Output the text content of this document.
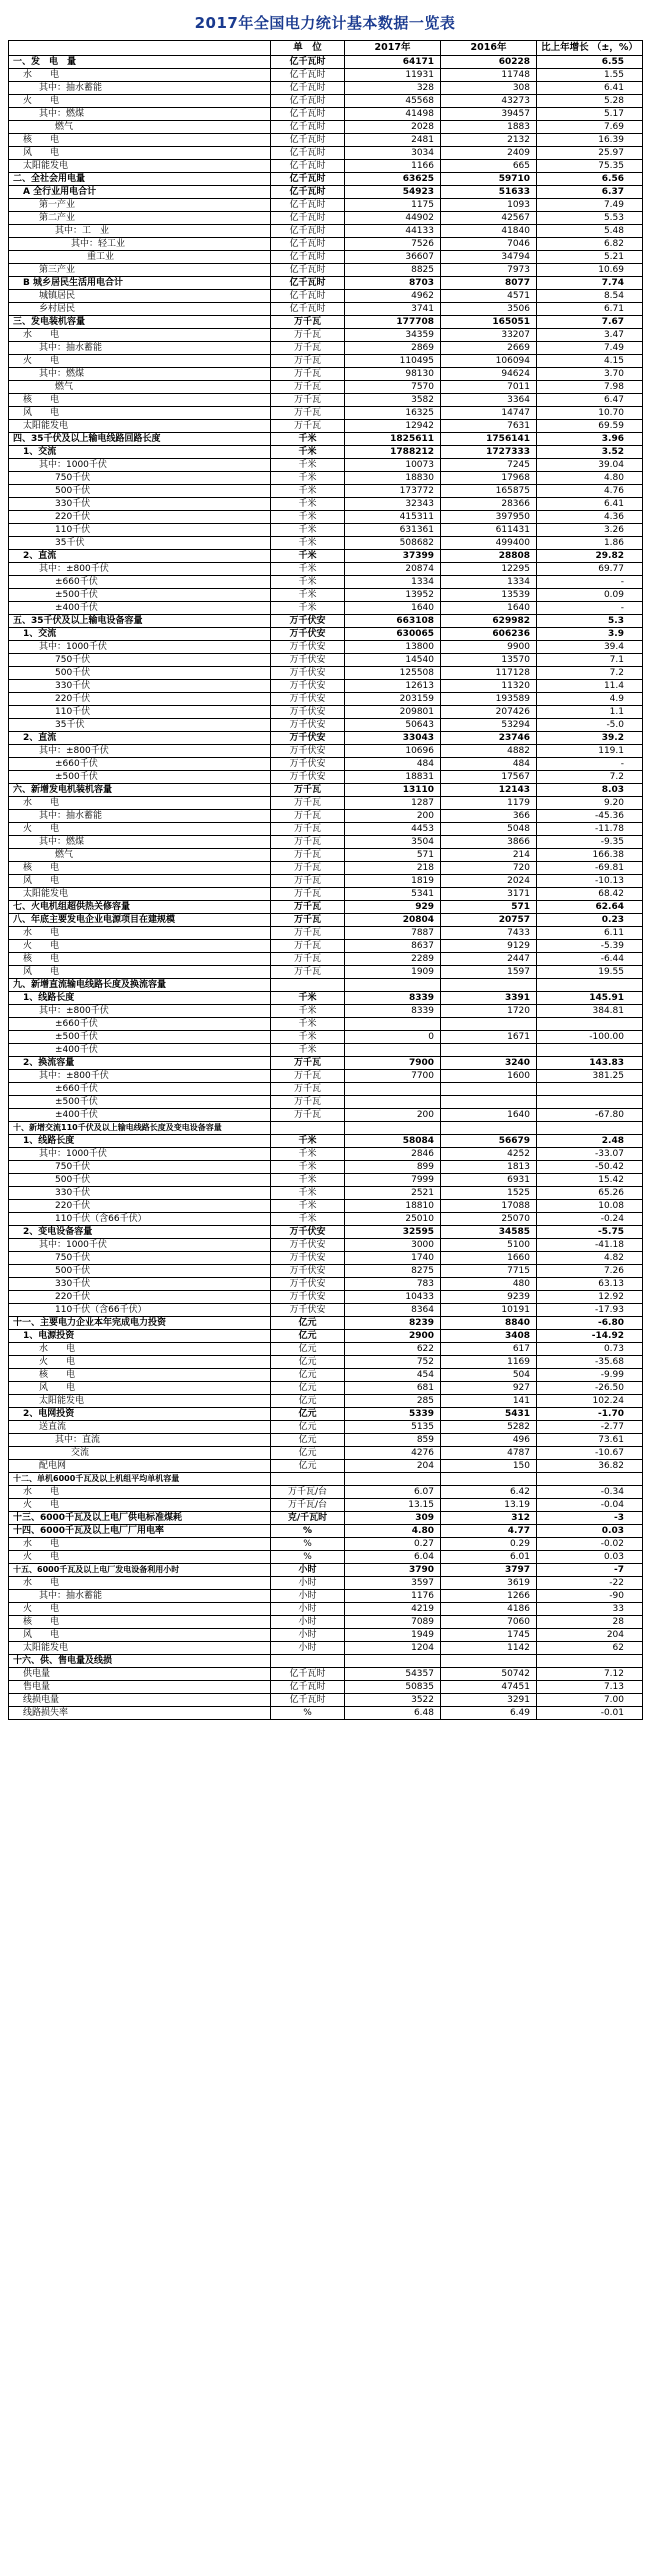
2017年全国电力统计基本数据一览表
	单　位	2017年	2016年	比上年增长 （±，%）
一、发　电　量	亿千瓦时	64171	60228	6.55
水　　电	亿千瓦时	11931	11748	1.55
其中：抽水蓄能	亿千瓦时	328	308	6.41
火　　电	亿千瓦时	45568	43273	5.28
其中：燃煤	亿千瓦时	41498	39457	5.17
燃气	亿千瓦时	2028	1883	7.69
核　　电	亿千瓦时	2481	2132	16.39
风　　电	亿千瓦时	3034	2409	25.97
太阳能发电	亿千瓦时	1166	665	75.35
二、全社会用电量	亿千瓦时	63625	59710	6.56
A 全行业用电合计	亿千瓦时	54923	51633	6.37
第一产业	亿千瓦时	1175	1093	7.49
第二产业	亿千瓦时	44902	42567	5.53
其中：工　业	亿千瓦时	44133	41840	5.48
其中：轻工业	亿千瓦时	7526	7046	6.82
重工业	亿千瓦时	36607	34794	5.21
第三产业	亿千瓦时	8825	7973	10.69
B 城乡居民生活用电合计	亿千瓦时	8703	8077	7.74
城镇居民	亿千瓦时	4962	4571	8.54
乡村居民	亿千瓦时	3741	3506	6.71
三、发电装机容量	万千瓦	177708	165051	7.67
水　　电	万千瓦	34359	33207	3.47
其中：抽水蓄能	万千瓦	2869	2669	7.49
火　　电	万千瓦	110495	106094	4.15
其中：燃煤	万千瓦	98130	94624	3.70
燃气	万千瓦	7570	7011	7.98
核　　电	万千瓦	3582	3364	6.47
风　　电	万千瓦	16325	14747	10.70
太阳能发电	万千瓦	12942	7631	69.59
四、35千伏及以上输电线路回路长度	千米	1825611	1756141	3.96
1、交流	千米	1788212	1727333	3.52
其中：1000千伏	千米	10073	7245	39.04
750千伏	千米	18830	17968	4.80
500千伏	千米	173772	165875	4.76
330千伏	千米	32343	28366	6.41
220千伏	千米	415311	397950	4.36
110千伏	千米	631361	611431	3.26
35千伏	千米	508682	499400	1.86
2、直流	千米	37399	28808	29.82
其中：±800千伏	千米	20874	12295	69.77
±660千伏	千米	1334	1334	-
±500千伏	千米	13952	13539	0.09
±400千伏	千米	1640	1640	-
五、35千伏及以上输电设备容量	万千伏安	663108	629982	5.3
1、交流	万千伏安	630065	606236	3.9
其中：1000千伏	万千伏安	13800	9900	39.4
750千伏	万千伏安	14540	13570	7.1
500千伏	万千伏安	125508	117128	7.2
330千伏	万千伏安	12613	11320	11.4
220千伏	万千伏安	203159	193589	4.9
110千伏	万千伏安	209801	207426	1.1
35千伏	万千伏安	50643	53294	-5.0
2、直流	万千伏安	33043	23746	39.2
其中：±800千伏	万千伏安	10696	4882	119.1
±660千伏	万千伏安	484	484	-
±500千伏	万千伏安	18831	17567	7.2
六、新增发电机装机容量	万千瓦	13110	12143	8.03
水　　电	万千瓦	1287	1179	9.20
其中：抽水蓄能	万千瓦	200	366	-45.36
火　　电	万千瓦	4453	5048	-11.78
其中：燃煤	万千瓦	3504	3866	-9.35
燃气	万千瓦	571	214	166.38
核　　电	万千瓦	218	720	-69.81
风　　电	万千瓦	1819	2024	-10.13
太阳能发电	万千瓦	5341	3171	68.42
七、火电机组超供热关修容量	万千瓦	929	571	62.64
八、年底主要发电企业电源项目在建规模	万千瓦	20804	20757	0.23
水　　电	万千瓦	7887	7433	6.11
火　　电	万千瓦	8637	9129	-5.39
核　　电	万千瓦	2289	2447	-6.44
风　　电	万千瓦	1909	1597	19.55
九、新增直流输电线路长度及换流容量				
1、线路长度	千米	8339	3391	145.91
其中：±800千伏	千米	8339	1720	384.81
±660千伏	千米			
±500千伏	千米	0	1671	-100.00
±400千伏	千米			
2、换流容量	万千瓦	7900	3240	143.83
其中：±800千伏	万千瓦	7700	1600	381.25
±660千伏	万千瓦			
±500千伏	万千瓦			
±400千伏	万千瓦	200	1640	-67.80
十、新增交流110千伏及以上输电线路长度及变电设备容量				
1、线路长度	千米	58084	56679	2.48
其中：1000千伏	千米	2846	4252	-33.07
750千伏	千米	899	1813	-50.42
500千伏	千米	7999	6931	15.42
330千伏	千米	2521	1525	65.26
220千伏	千米	18810	17088	10.08
110千伏（含66千伏）	千米	25010	25070	-0.24
2、变电设备容量	万千伏安	32595	34585	-5.75
其中：1000千伏	万千伏安	3000	5100	-41.18
750千伏	万千伏安	1740	1660	4.82
500千伏	万千伏安	8275	7715	7.26
330千伏	万千伏安	783	480	63.13
220千伏	万千伏安	10433	9239	12.92
110千伏（含66千伏）	万千伏安	8364	10191	-17.93
十一、主要电力企业本年完成电力投资	亿元	8239	8840	-6.80
1、电源投资	亿元	2900	3408	-14.92
水　　电	亿元	622	617	0.73
火　　电	亿元	752	1169	-35.68
核　　电	亿元	454	504	-9.99
风　　电	亿元	681	927	-26.50
太阳能发电	亿元	285	141	102.24
2、电网投资	亿元	5339	5431	-1.70
送直流	亿元	5135	5282	-2.77
其中：直流	亿元	859	496	73.61
交流	亿元	4276	4787	-10.67
配电网	亿元	204	150	36.82
十二、单机6000千瓦及以上机组平均单机容量				
水　　电	万千瓦/台	6.07	6.42	-0.34
火　　电	万千瓦/台	13.15	13.19	-0.04
十三、6000千瓦及以上电厂供电标准煤耗	克/千瓦时	309	312	-3
十四、6000千瓦及以上电厂厂用电率	%	4.80	4.77	0.03
水　　电	%	0.27	0.29	-0.02
火　　电	%	6.04	6.01	0.03
十五、6000千瓦及以上电厂发电设备利用小时	小时	3790	3797	-7
水　　电	小时	3597	3619	-22
其中：抽水蓄能	小时	1176	1266	-90
火　　电	小时	4219	4186	33
核　　电	小时	7089	7060	28
风　　电	小时	1949	1745	204
太阳能发电	小时	1204	1142	62
十六、供、售电量及线损				
供电量	亿千瓦时	54357	50742	7.12
售电量	亿千瓦时	50835	47451	7.13
线损电量	亿千瓦时	3522	3291	7.00
线路损失率	%	6.48	6.49	-0.01
